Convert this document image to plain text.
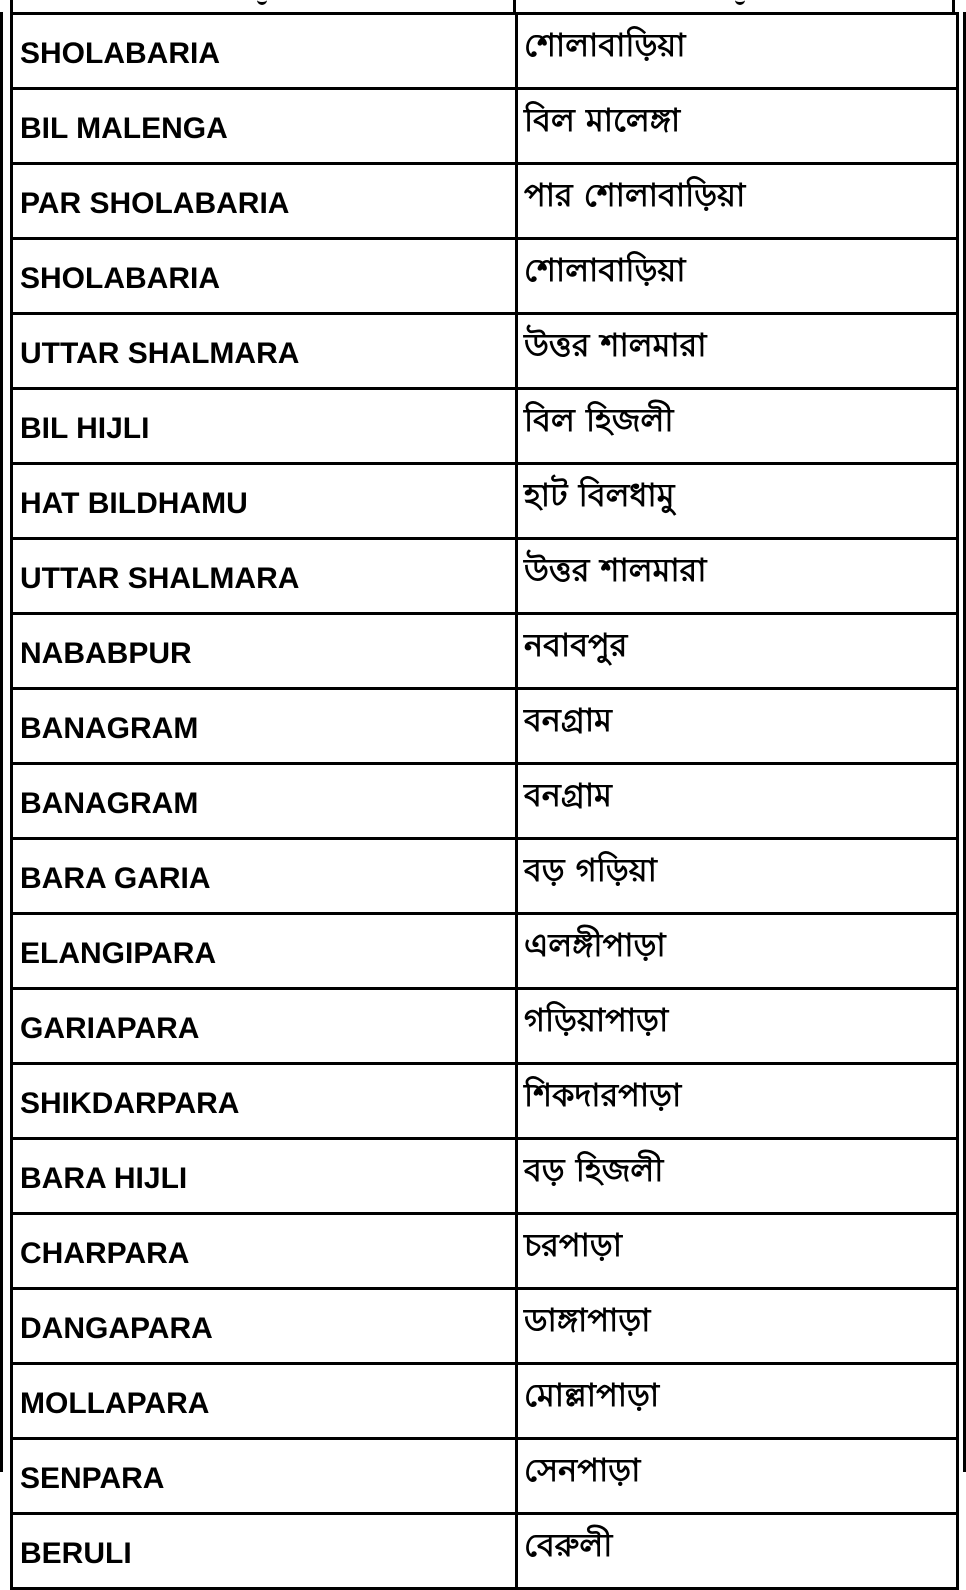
SHOLABARIA	শোলাবাড়িয়া
BIL MALENGA	বিল মালেঙ্গা
PAR SHOLABARIA	পার শোলাবাড়িয়া
SHOLABARIA	শোলাবাড়িয়া
UTTAR SHALMARA	উত্তর শালমারা
BIL HIJLI	বিল হিজলী
HAT BILDHAMU	হাট বিলধামু
UTTAR SHALMARA	উত্তর শালমারা
NABABPUR	নবাবপুর
BANAGRAM	বনগ্রাম
BANAGRAM	বনগ্রাম
BARA GARIA	বড় গড়িয়া
ELANGIPARA	এলঙ্গীপাড়া
GARIAPARA	গড়িয়াপাড়া
SHIKDARPARA	শিকদারপাড়া
BARA HIJLI	বড় হিজলী
CHARPARA	চরপাড়া
DANGAPARA	ডাঙ্গাপাড়া
MOLLAPARA	মোল্লাপাড়া
SENPARA	সেনপাড়া
BERULI	বেরুলী
